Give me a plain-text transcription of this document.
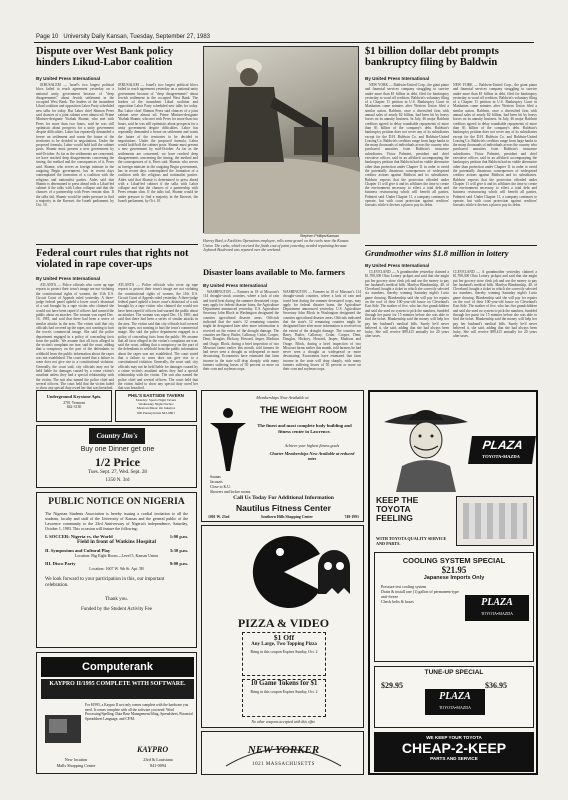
Page 10 University Daily Kansan, Tuesday, September 27, 1983
Dispute over West Bank policy hinders Likud-Labor coalition
By United Press International

JERUSALEM — Israel's two largest political blocs failed to reach agreement yesterday on a national unity government because of "deep disagreements" about Jewish settlement in the occupied West Bank. The leaders of the incumbent Likud coalition and opposition Labor Party scheduled new talks for today. But Labor chief Shimon Peres said chances of a joint cabinet were almost nil. Prime Minister-designate Yitzhak Shamir, who met with Peres for more than two hours, said he was still optimistic about prospects for a unity government despite difficulties. Labor has repeatedly demanded a freeze on settlement and wants the future of the territories to be decided in negotiations. Under the proposed formula, Labor would hold half the cabinet posts. Shamir must present a new government by mid-October. As far as the settlements are concerned, we have reached deep disagreements concerning the timing, the method and the consequences of it, Peres said. Shamir, who serves as foreign minister in the outgoing Begin government, has in recent days contemplated the formation of a coalition with the religious and nationalist parties. Aides said that Shamir is determined to press ahead with a Likud-led cabinet if the talks with Labor collapse and that the chances of a partnership with Peres remain slim. If the talks fail, Shamir would be under pressure to find a majority in the Knesset, the Israeli parliament, by Oct. 10.

JERUSALEM — Israel's two largest political blocs failed to reach agreement yesterday on a national unity government because of "deep disagreements" about Jewish settlement in the occupied West Bank. The leaders of the incumbent Likud coalition and opposition Labor Party scheduled new talks for today. But Labor chief Shimon Peres said chances of a joint cabinet were almost nil. Prime Minister-designate Yitzhak Shamir, who met with Peres for more than two hours, said he was still optimistic about prospects for a unity government despite difficulties. Labor has repeatedly demanded a freeze on settlement and wants the future of the territories to be decided in negotiations. Under the proposed formula, Labor would hold half the cabinet posts. Shamir must present a new government by mid-October. As far as the settlements are concerned, we have reached deep disagreements concerning the timing, the method and the consequences of it, Peres said. Shamir, who serves as foreign minister in the outgoing Begin government, has in recent days contemplated the formation of a coalition with the religious and nationalist parties. Aides said that Shamir is determined to press ahead with a Likud-led cabinet if the talks with Labor collapse and that the chances of a partnership with Peres remain slim. If the talks fail, Shamir would be under pressure to find a majority in the Knesset, the Israeli parliament, by Oct. 10.

Federal court rules that rights not violated in rape cover-ups
By United Press International

ATLANTA — Police officials who cover up rape reports to protect their town's image are not violating the constitutional rights of women, the 11th U.S. Circuit Court of Appeals ruled yesterday. A three-judge federal panel upheld a lower court's dismissal of a suit brought by a rape victim who claimed she would not have been raped if officers had warned the public about an attacker. The woman was raped Dec. 16, 1981, and said that there had been a series of similar attacks in the area. The victim said that city officials had covered up the rapes, not wanting to hurt the town's commercial image. She said the police department engaged in a policy of concealing facts from the public. We assume that all facts alleged in the victim's complaint are true, said the court, adding that a conspiracy on the part of the defendants to withhold from the public information about the rapes was not established. The court noted that a failure to warn does not give rise to a constitutional violation. Generally, the court said, city officials may not be held liable for damages caused by a crime victim's assailant unless they had a special relationship with the victim. The suit also named the police chief and several officers. The court held that the victim failed to show any special duty owed her that was breached.

ATLANTA — Police officials who cover up rape reports to protect their town's image are not violating the constitutional rights of women, the 11th U.S. Circuit Court of Appeals ruled yesterday. A three-judge federal panel upheld a lower court's dismissal of a suit brought by a rape victim who claimed she would not have been raped if officers had warned the public about an attacker. The woman was raped Dec. 16, 1981, and said that there had been a series of similar attacks in the area. The victim said that city officials had covered up the rapes, not wanting to hurt the town's commercial image. She said the police department engaged in a policy of concealing facts from the public. We assume that all facts alleged in the victim's complaint are true, said the court, adding that a conspiracy on the part of the defendants to withhold from the public information about the rapes was not established. The court noted that a failure to warn does not give rise to a constitutional violation. Generally, the court said, city officials may not be held liable for damages caused by a crime victim's assailant unless they had a special relationship with the victim. The suit also named the police chief and several officers. The court held that the victim failed to show any special duty owed her that was breached.

Stephen Phillips/Kansan
Harvey Burd, a Facilities Operations employee, rolls some gravel on the curbs near the Kansas Union. The curbs, which received the finish coat of paint yesterday, needed repainting because Jayhawk Boulevard was repaved over the weekend.
Disaster loans available to Mo. farmers
By United Press International

WASHINGTON — Farmers in 18 of Missouri's 114 drought-struck counties, where a lack of rain and torrid heat during the summer devastated crops, may apply for federal disaster loans, the Agriculture Department announced yesterday. U.S. Agriculture Secretary John Block in Washington designated the counties agricultural disaster areas. Officials indicated that the state's 12 remaining counties might be designated later after more information is received on the extent of the drought damage. The counties are Barry, Butler, Callaway, Cedar, Cooper, Dent, Douglas, Hickory, Howard, Jasper, Madison and Osage. Block, during a brief inspection of two Missouri farms earlier this month, told farmers he had never seen a drought as widespread or more devastating. Economists have estimated that farm income in the state will drop sharply, with many farmers suffering losses of 50 percent or more on their corn and soybean crops.

WASHINGTON — Farmers in 18 of Missouri's 114 drought-struck counties, where a lack of rain and torrid heat during the summer devastated crops, may apply for federal disaster loans, the Agriculture Department announced yesterday. U.S. Agriculture Secretary John Block in Washington designated the counties agricultural disaster areas. Officials indicated that the state's 12 remaining counties might be designated later after more information is received on the extent of the drought damage. The counties are Barry, Butler, Callaway, Cedar, Cooper, Dent, Douglas, Hickory, Howard, Jasper, Madison and Osage. Block, during a brief inspection of two Missouri farms earlier this month, told farmers he had never seen a drought as widespread or more devastating. Economists have estimated that farm income in the state will drop sharply, with many farmers suffering losses of 50 percent or more on their corn and soybean crops.

$1 billion dollar debt prompts bankruptcy filing by Baldwin
By United Press International

NEW YORK — Baldwin-United Corp., the giant piano and financial services company struggling to survive under more than $1 billion in debt, filed for bankruptcy yesterday to ward off creditors. Baldwin's voluntary filing of a Chapter 11 petition in U.S. Bankruptcy Court in Manhattan came minutes after Western Union filed a similar action. Baldwin, once a diversified firm with annual sales of nearly $2 billion, had been hit by heavy losses on its annuity business. In July, 46 major Baldwin creditors agreed to delay roundtable repayments of more than $1 billion of the company's debt. Baldwin's bankruptcy petition does not cover any of its subsidiaries except for the D.H. Baldwin Co. and Baldwin-United Leasing Co. Baldwin's creditors range from large banks to the many thousands of individuals across the country who purchased annuities from Baldwin's insurance subsidiaries. Victor Palmieri, president and chief executive officer, said in an affidavit accompanying the bankruptcy petition that Baldwin had no viable alternative other than protection under Chapter 11 in order to avoid the potentially disastrous consequences of widespread creditor actions against Baldwin and its subsidiaries. Baldwin expects that the protection afforded under Chapter 11 will give it and its affiliates the time to create the environment necessary to effect a total debt and business restructuring which will benefit all parties, Palmieri said. Under Chapter 11, a company continues to operate, but with court protection against creditors' lawsuits while it devises a plan to pay its debts.

NEW YORK — Baldwin-United Corp., the giant piano and financial services company struggling to survive under more than $1 billion in debt, filed for bankruptcy yesterday to ward off creditors. Baldwin's voluntary filing of a Chapter 11 petition in U.S. Bankruptcy Court in Manhattan came minutes after Western Union filed a similar action. Baldwin, once a diversified firm with annual sales of nearly $2 billion, had been hit by heavy losses on its annuity business. In July, 46 major Baldwin creditors agreed to delay roundtable repayments of more than $1 billion of the company's debt. Baldwin's bankruptcy petition does not cover any of its subsidiaries except for the D.H. Baldwin Co. and Baldwin-United Leasing Co. Baldwin's creditors range from large banks to the many thousands of individuals across the country who purchased annuities from Baldwin's insurance subsidiaries. Victor Palmieri, president and chief executive officer, said in an affidavit accompanying the bankruptcy petition that Baldwin had no viable alternative other than protection under Chapter 11 in order to avoid the potentially disastrous consequences of widespread creditor actions against Baldwin and its subsidiaries. Baldwin expects that the protection afforded under Chapter 11 will give it and its affiliates the time to create the environment necessary to effect a total debt and business restructuring which will benefit all parties, Palmieri said. Under Chapter 11, a company continues to operate, but with court protection against creditors' lawsuits while it devises a plan to pay its debts.

Grandmother wins $1.8 million in lottery
By United Press International

CLEVELAND — A grandmother yesterday claimed a $1,788,300 Ohio Lottery jackpot and said that she might put her grocery store clerk job and use the money to pay her husband's medical bills. Marilyn Blankenship, 48, of Cleveland, bought a ticket in which she correctly selected six numbers, thereby winning Saturday night's Lotto game drawing. Blankenship said she will pay for repairs on the roof of their 100-year-old house on Cleveland's East Side. The mother of five, who has five grandchildren and said she used no system to pick the numbers, fumbled through her purse for 15 minutes before she was able to find the ticket. Blankenship said the money will help her pay her husband's medical bills. Surely he'd never believed it, she said, adding that she had always been lucky. She will receive $89,415 annually for 20 years after taxes.

CLEVELAND — A grandmother yesterday claimed a $1,788,300 Ohio Lottery jackpot and said that she might put her grocery store clerk job and use the money to pay her husband's medical bills. Marilyn Blankenship, 48, of Cleveland, bought a ticket in which she correctly selected six numbers, thereby winning Saturday night's Lotto game drawing. Blankenship said she will pay for repairs on the roof of their 100-year-old house on Cleveland's East Side. The mother of five, who has five grandchildren and said she used no system to pick the numbers, fumbled through her purse for 15 minutes before she was able to find the ticket. Blankenship said the money will help her pay her husband's medical bills. Surely he'd never believed it, she said, adding that she had always been lucky. She will receive $89,415 annually for 20 years after taxes.

Underground Keystone Apts.
2701 Vermont
842-3130
PHIL'S EASTSIDE TAVERN
Monday: Sports Night Tavern
Wednesday Night Nachos
Mexican Music On Jukebox
900 Pennsylvania 843-9801
Country Jim's
Buy one Dinner get one
1/2 Price
Tues. Sept. 27, Wed. Sept. 28
1350 N. 3rd
PUBLIC NOTICE ON NIGERIA
The Nigerian Students Association is hereby issuing a cordial invitation to all the students, faculty and staff of the University of Kansas and the general public of the Lawrence community to the 23rd Anniversary of Nigeria's independence, Saturday, October 1, 1983. This occasion will feature the following:
I. SOCCER: Nigeria vs. the World	1:00 p.m.
Field in front of Watkins Hospital
II. Symposium and Cultural Play	3:30 p.m.
Location: Big Eight Room—Level 5, Kansas Union
III. Disco Party	9:00 p.m.
Location: 1607 W. 9th St. Apt. 5B
We look forward to your participation in this, our important celebration.
Thank you.
Funded by the Student Activity Fee
Computerank
KAYPRO II/1995 COMPLETE WITH SOFTWARE.
For $1995, a Kaypro II not only comes complete with the hardware you need. It comes complete with all the software you need: Word Processing/Spelling, Data Base Management/filing, Spreadsheet, Financial Spreadsheet Language, and CP/M.
KAYPRO
New location
Malls Shopping Center
23rd & Louisiana
841-0094
Memberships Now Available at
THE WEIGHT ROOM
The finest and most complete body building and fitness center in Lawrence.
Saunas
Jacuzzis
Close to K.U.
Showers and locker rooms
Achieve your highest fitness goals
Charter Memberships Now Available at reduced rates
Call Us Today For Additional Information
Nautilus Fitness Center
1001 W. 23rd	Southern Hills Shopping Center	749-1991
PIZZA & VIDEO
$1 Off
Any Large, Two Topping Pizza
Bring in this coupon Expires Sunday, Oct. 2
10 Game Tokens for $1
Bring in this coupon Expires Sunday, Oct. 2
No other coupons accepted with this offer.
NEW YORKER
1021 MASSACHUSETTS
PLAZA
TOYOTA•MAZDA
KEEP THE TOYOTA FEELING
WITH TOYOTA QUALITY SERVICE AND PARTS.
COOLING SYSTEM SPECIAL
$21.95
Japanese Imports Only
Pressure test cooling system
Drain & install one (1) gallon of permanent-type anti-freeze
Check belts & hoses	PLAZA
TOYOTA•MAZDA
TUNE-UP SPECIAL
$29.95	$36.95
PLAZA
TOYOTA•MAZDA
WE KEEP YOUR TOYOTA
CHEAP-2-KEEP
PARTS AND SERVICE
